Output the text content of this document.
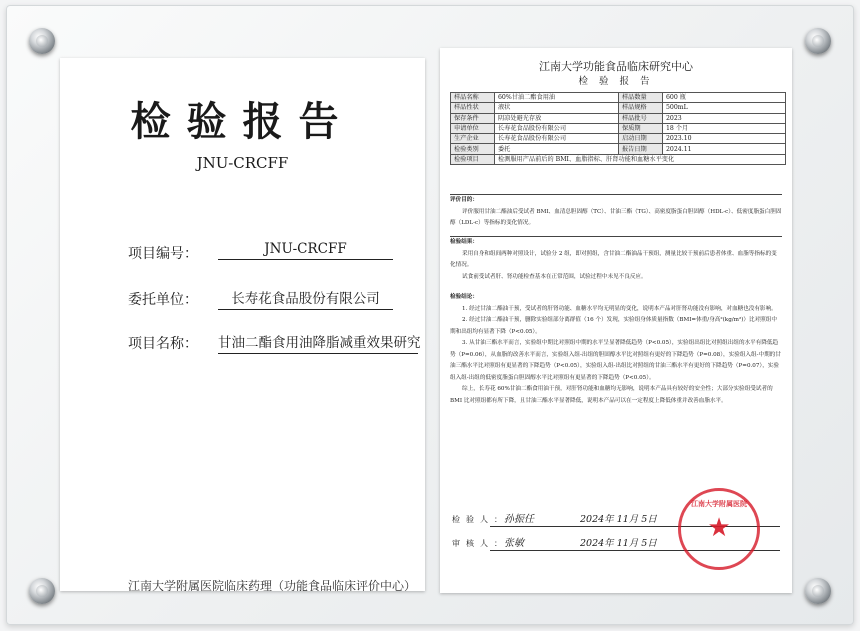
检验报告
JNU-CRCFF
项目编号：	JNU-CRCFF
委托单位：	长寿花食品股份有限公司
项目名称： 甘油二酯食用油降脂减重效果研究
江南大学附属医院临床药理（功能食品临床评价中心）
江南大学功能食品临床研究中心
检 验 报 告
样品名称	60%甘油二酯食用油	样品数量	600 瓶
样品性状	液状	样品规格	500mL
保存条件	阴凉处避光存放	样品批号	2023
申请单位	长寿花食品股份有限公司	保质期	18 个月
生产企业	长寿花食品股份有限公司	启动日期	2023.10
检验类别	委托	报告日期	2024.11
检验项目	检测服用产品前后的 BMI、血脂指标、肝肾功能和血糖水平变化		
评价目的：

评价服用甘油二酯油后受试者 BMI、血清总胆固醇（TC）、甘油三酯（TG）、高密度脂蛋白胆固醇（HDL-c）、低密度脂蛋白胆固醇（LDL-c）等指标的变化情况。

检验结果：

采用自身和组间两种对照设计，试验分 2 组，即对照组，含甘油二酯油品干预组，测量比较干预前后患者体重、血脂等指标的变化情况。

试食前受试者肝、肾功能检查基本在正常范围，试验过程中未见不良反应。

检验结论：

1. 经过甘油二酯油干预，受试者的肝肾功能、血糖水平均无明显的变化，说明本产品对肝肾功能没有影响，对血糖也没有影响。

2. 经过甘油二酯油干预，删除实验组部分离群值（16 个）发现，实验组身体质量指数（BMI=体重/身高²(kg/m²)）比对照组中期和出组均有显著下降（P<0.05）。

3. 从甘油三酯水平而言，实验组中期比对照组中期的水平呈显著降低趋势（P<0.05），实验组出组比对照组出组的水平有降低趋势（P=0.06），从血脂的改善水平而言，实验组入组-出组的胆固醇水平比对照组有更好的下降趋势（P=0.08），实验组入组-中期的甘油三酯水平比对照组有更显著的下降趋势（P<0.05），实验组入组-出组比对照组的甘油三酯水平有更好的下降趋势（P=0.07），实验组入组-出组的低密度脂蛋白胆固醇水平比对照组有更显著的下降趋势（P<0.05）。

综上，长寿花 60%甘油二酯食用油干预，对肝肾功能和血糖均无影响，说明本产品具有较好的安全性；大部分实验组受试者的 BMI 比对照组都有所下降，且甘油三酯水平显著降低，说明本产品可以在一定程度上降低体重并改善血脂水平。

检验人：
孙振任	2024年 11月 5日
审核人：
张敏	2024年 11月 5日
江南大学附属医院
★
